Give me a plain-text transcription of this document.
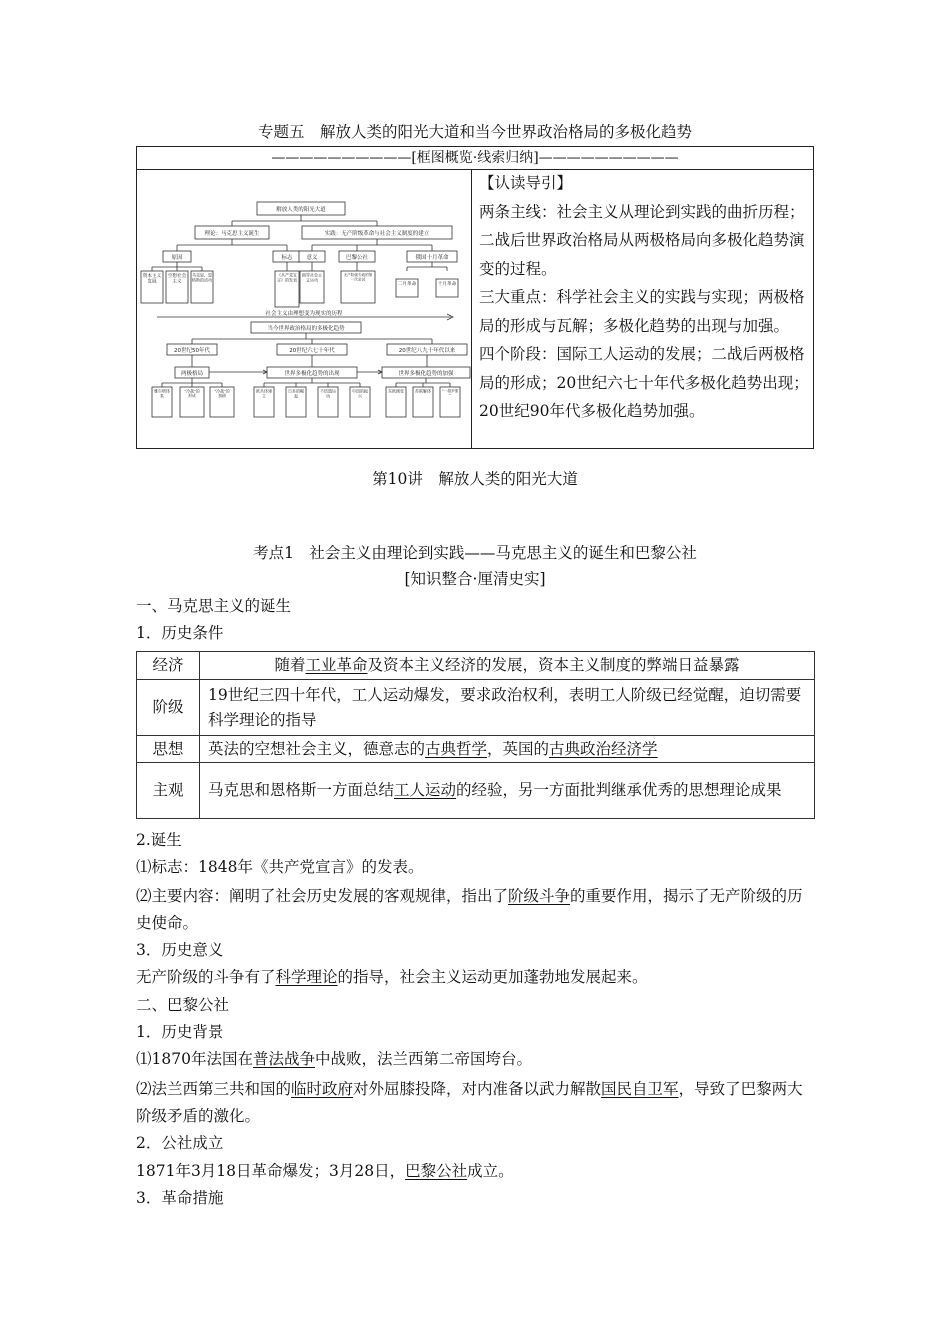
专题五　解放人类的阳光大道和当今世界政治格局的多极化趋势
——————————[框图概览·线索归纳]——————————
解放人类的阳光大道
理论：马克思主义诞生	实践：无产阶级革命与社会主义制度的建立
原因	标志	意义	巴黎公社	俄国十月革命
资本主义发展
空想社会主义
马克思、恩格斯的活动
《共产党宣言》的发表
指导社会主义运动
无产阶级专政的第一次尝试
二月革命	十月革命
社会主义由理想变为现实的历程
当今世界政治格局的多极化趋势
20世纪50年代	20世纪六七十年代	20世纪八九十年代以来
两极格局	世界多极化趋势的出现	世界多极化趋势的加强
雅尔塔体系
“冷战”的形成
“冷战”的加剧
欧共体建立
日本的崛起
不结盟运动
中国的振兴
东欧剧变	苏联解体	“一超多强”
【认读导引】
两条主线：社会主义从理论到实践的曲折历程；二战后世界政治格局从两极格局向多极化趋势演变的过程。
三大重点：科学社会主义的实践与实现；两极格局的形成与瓦解；多极化趋势的出现与加强。
四个阶段：国际工人运动的发展；二战后两极格局的形成；20世纪六七十年代多极化趋势出现；20世纪90年代多极化趋势加强。
第10讲　解放人类的阳光大道
考点1　社会主义由理论到实践——马克思主义的诞生和巴黎公社
[知识整合·厘清史实]
一、马克思主义的诞生
1．历史条件
经济	随着工业革命及资本主义经济的发展，资本主义制度的弊端日益暴露
阶级	19世纪三四十年代，工人运动爆发，要求政治权利，表明工人阶级已经觉醒，迫切需要科学理论的指导
思想	英法的空想社会主义，德意志的古典哲学，英国的古典政治经济学
主观	马克思和恩格斯一方面总结工人运动的经验，另一方面批判继承优秀的思想理论成果
2.诞生
⑴标志：1848年《共产党宣言》的发表。
⑵主要内容：阐明了社会历史发展的客观规律，指出了阶级斗争的重要作用，揭示了无产阶级的历史使命。
3．历史意义
无产阶级的斗争有了科学理论的指导，社会主义运动更加蓬勃地发展起来。
二、巴黎公社
1．历史背景
⑴1870年法国在普法战争中战败，法兰西第二帝国垮台。
⑵法兰西第三共和国的临时政府对外屈膝投降，对内准备以武力解散国民自卫军，导致了巴黎两大阶级矛盾的激化。
2．公社成立
1871年3月18日革命爆发；3月28日，巴黎公社成立。
3．革命措施
